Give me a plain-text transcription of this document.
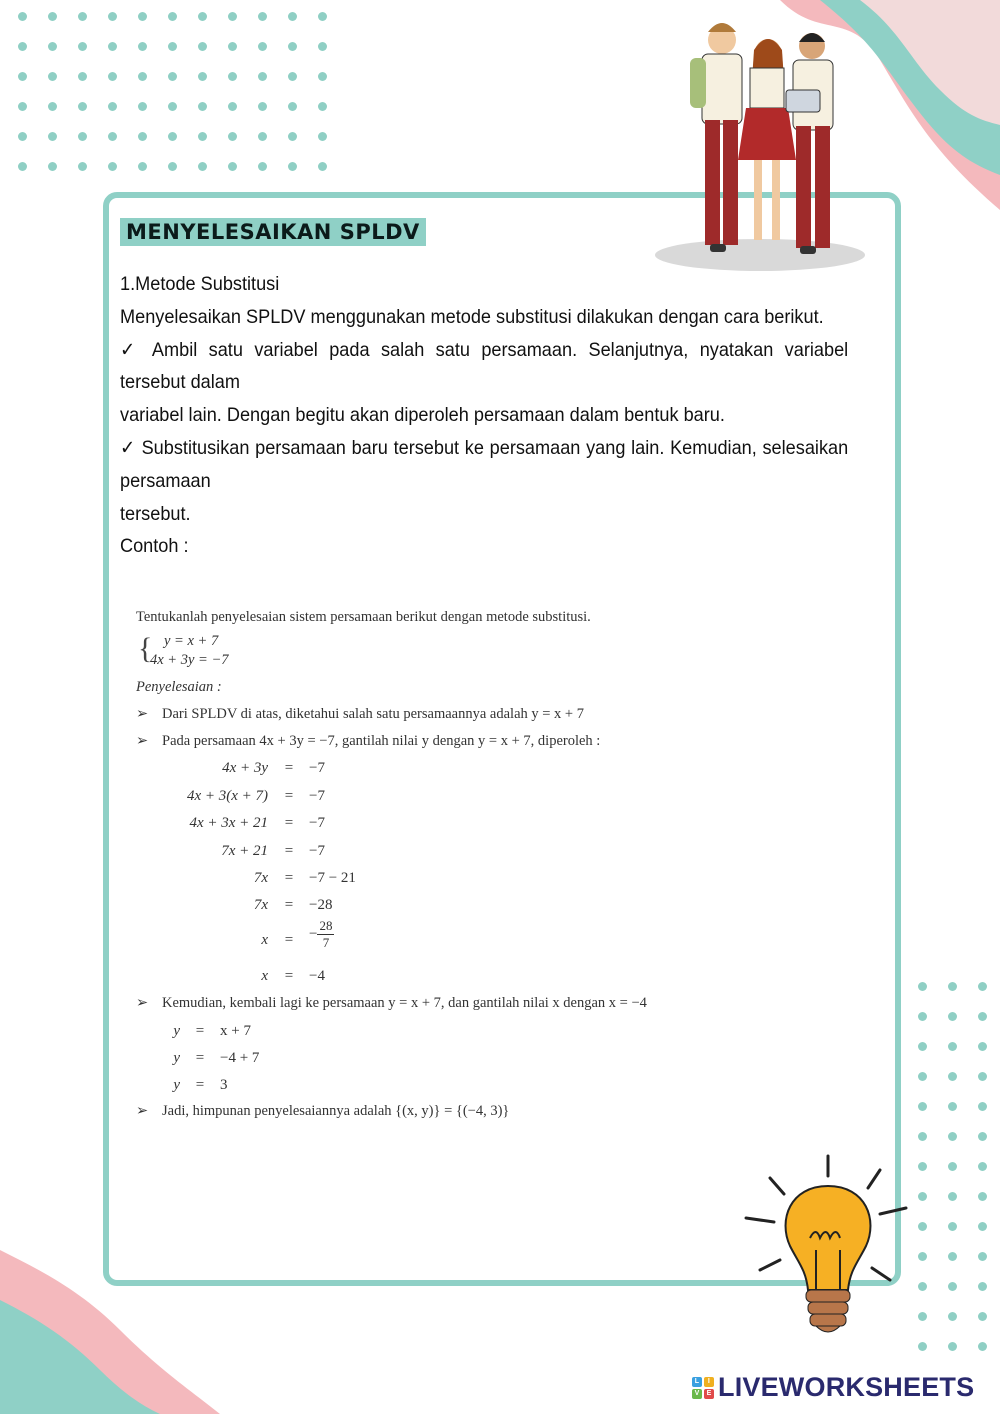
MENYELESAIKAN SPLDV

1.Metode Substitusi

Menyelesaikan SPLDV menggunakan metode substitusi dilakukan dengan cara berikut.

✓ Ambil satu variabel pada salah satu persamaan. Selanjutnya, nyatakan variabel tersebut dalam

variabel lain. Dengan begitu akan diperoleh persamaan dalam bentuk baru.

✓ Substitusikan persamaan baru tersebut ke persamaan yang lain. Kemudian, selesaikan persamaan

tersebut.

Contoh :

Tentukanlah penyelesaian sistem persamaan berikut dengan metode substitusi.
{ y = x + 7
4x + 3y = −7
Penyelesaian :
➢ Dari SPLDV di atas, diketahui salah satu persamaannya adalah y = x + 7
➢ Pada persamaan 4x + 3y = −7, gantilah nilai y dengan y = x + 7, diperoleh :
➢ Kemudian, kembali lagi ke persamaan y = x + 7, dan gantilah nilai x dengan x = −4
➢ Jadi, himpunan penyelesaiannya adalah {(x, y)} = {(−4, 3)}
4x + 3y	=	−7
4x + 3(x + 7)	=	−7
4x + 3x + 21	=	−7
7x + 21	=	−7
7x	=	−7 − 21
7x	=	−28
x	=	− $\frac{28}{7}$
x	=	−4
y	=	x + 7
y	=	−4 + 7
y	=	3
L	I
V	E LIVEWORKSHEETS
